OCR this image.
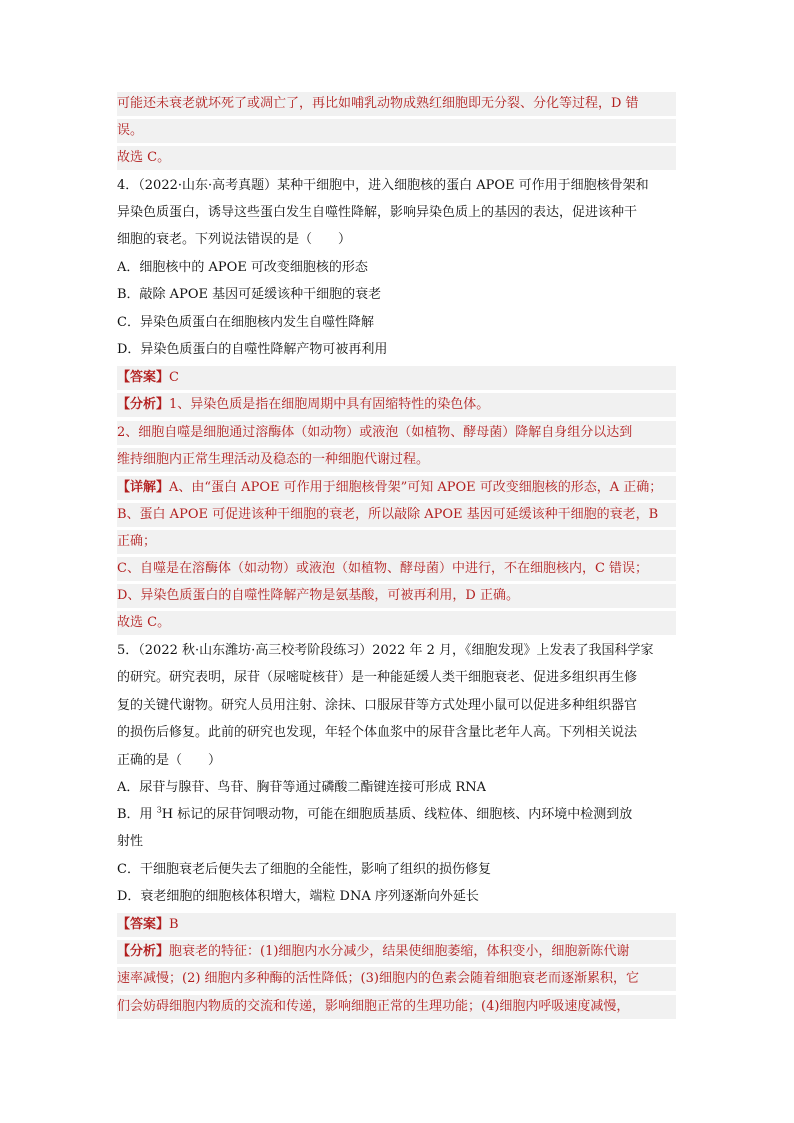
可能还未衰老就坏死了或凋亡了，再比如哺乳动物成熟红细胞即无分裂、分化等过程，D 错
误。
故选 C。
4．（2022·山东·高考真题）某种干细胞中，进入细胞核的蛋白 APOE 可作用于细胞核骨架和
异染色质蛋白，诱导这些蛋白发生自噬性降解，影响异染色质上的基因的表达，促进该种干
细胞的衰老。下列说法错误的是（　　）
A．细胞核中的 APOE 可改变细胞核的形态
B．敲除 APOE 基因可延缓该种干细胞的衰老
C．异染色质蛋白在细胞核内发生自噬性降解
D．异染色质蛋白的自噬性降解产物可被再利用
【答案】C
【分析】1、异染色质是指在细胞周期中具有固缩特性的染色体。
2、细胞自噬是细胞通过溶酶体（如动物）或液泡（如植物、酵母菌）降解自身组分以达到
维持细胞内正常生理活动及稳态的一种细胞代谢过程。
【详解】A、由“蛋白 APOE 可作用于细胞核骨架”可知 APOE 可改变细胞核的形态，A 正确；
B、蛋白 APOE 可促进该种干细胞的衰老，所以敲除 APOE 基因可延缓该种干细胞的衰老，B
正确；
C、自噬是在溶酶体（如动物）或液泡（如植物、酵母菌）中进行，不在细胞核内，C 错误；
D、异染色质蛋白的自噬性降解产物是氨基酸，可被再利用，D 正确。
故选 C。
5．（2022 秋·山东潍坊·高三校考阶段练习）2022 年 2 月，《细胞发现》上发表了我国科学家
的研究。研究表明，尿苷（尿嘧啶核苷）是一种能延缓人类干细胞衰老、促进多组织再生修
复的关键代谢物。研究人员用注射、涂抹、口服尿苷等方式处理小鼠可以促进多种组织器官
的损伤后修复。此前的研究也发现，年轻个体血浆中的尿苷含量比老年人高。下列相关说法
正确的是（　　）
A．尿苷与腺苷、鸟苷、胸苷等通过磷酸二酯键连接可形成 RNA
B．用 $^3$H 标记的尿苷饲喂动物，可能在细胞质基质、线粒体、细胞核、内环境中检测到放
射性
C．干细胞衰老后便失去了细胞的全能性，影响了组织的损伤修复
D．衰老细胞的细胞核体积增大，端粒 DNA 序列逐渐向外延长
【答案】B
【分析】胞衰老的特征：(1)细胞内水分减少，结果使细胞萎缩，体积变小，细胞新陈代谢
速率减慢；(2) 细胞内多种酶的活性降低；(3)细胞内的色素会随着细胞衰老而逐渐累积，它
们会妨碍细胞内物质的交流和传递，影响细胞正常的生理功能；(4)细胞内呼吸速度减慢，
